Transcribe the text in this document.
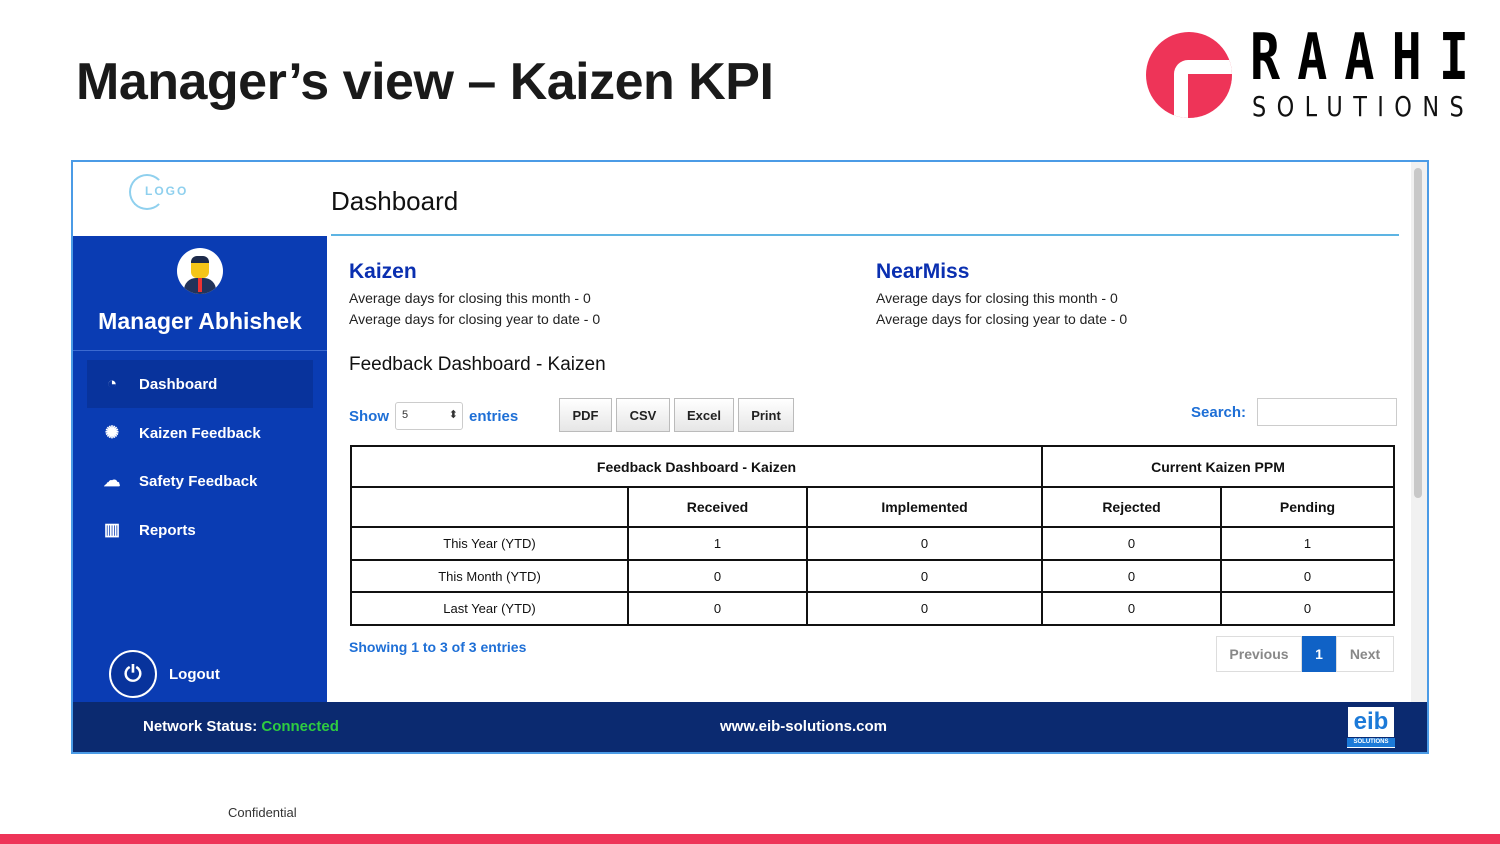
Manager’s view – Kaizen KPI	RAAHI
SOLUTIONS
LOGO	Dashboard
Manager Abhishek
◔	Dashboard
✺ Kaizen Feedback
☁ Safety Feedback
▥ Reports
⏻	Logout
Kaizen
Average days for closing this month - 0
Average days for closing year to date - 0
NearMiss
Average days for closing this month - 0
Average days for closing year to date - 0
Feedback Dashboard - Kaizen
Show	5 ⬍	entries	PDF	CSV	Excel	Print	Search:
Feedback Dashboard - Kaizen			Current Kaizen PPM	
	Received	Implemented	Rejected	Pending
This Year (YTD)	1	0	0	1
This Month (YTD)	0	0	0	0
Last Year (YTD)	0	0	0	0
Showing 1 to 3 of 3 entries	Previous	1	Next
Network Status: Connected	www.eib-solutions.com	eib
SOLUTIONS
Confidential
